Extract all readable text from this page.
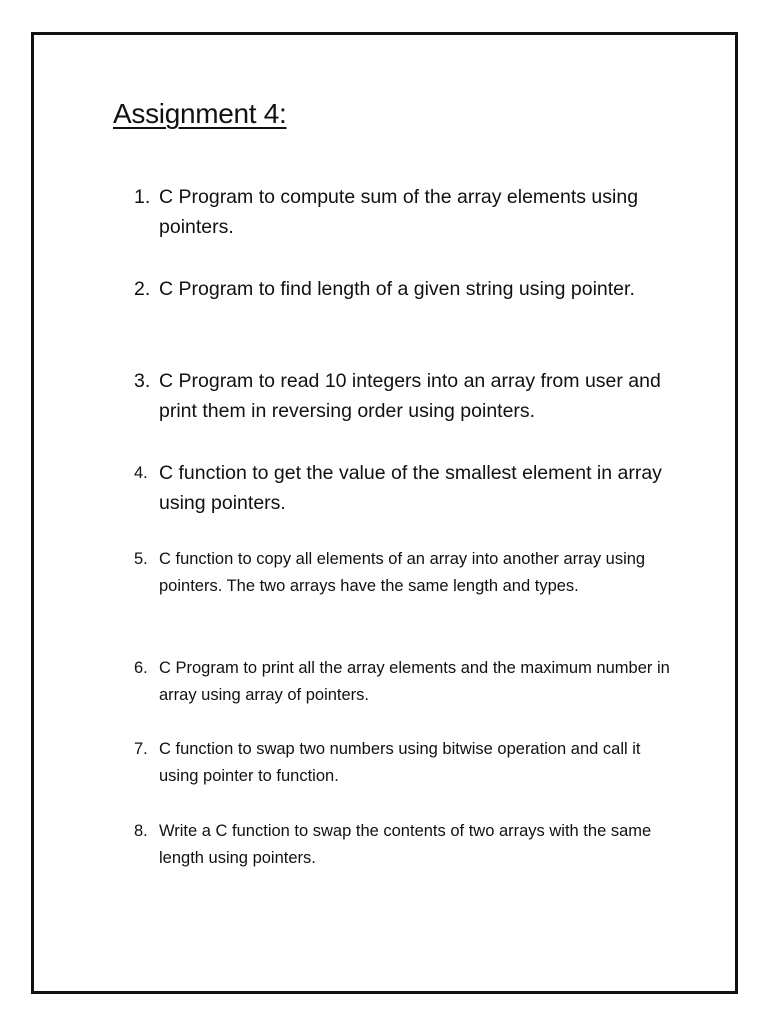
Assignment 4:
1. C Program to compute sum of the array elements using pointers.
2. C Program to find length of a given string using pointer.
3. C Program to read 10 integers into an array from user and print them in reversing order using pointers.
4. C function to get the value of the smallest element in array using pointers.
5. C function to copy all elements of an array into another array using pointers. The two arrays have the same length and types.
6. C Program to print all the array elements and the maximum number in array using array of pointers.
7. C function to swap two numbers using bitwise operation and call it using pointer to function.
8. Write a C function to swap the contents of two arrays with the same length using pointers.
